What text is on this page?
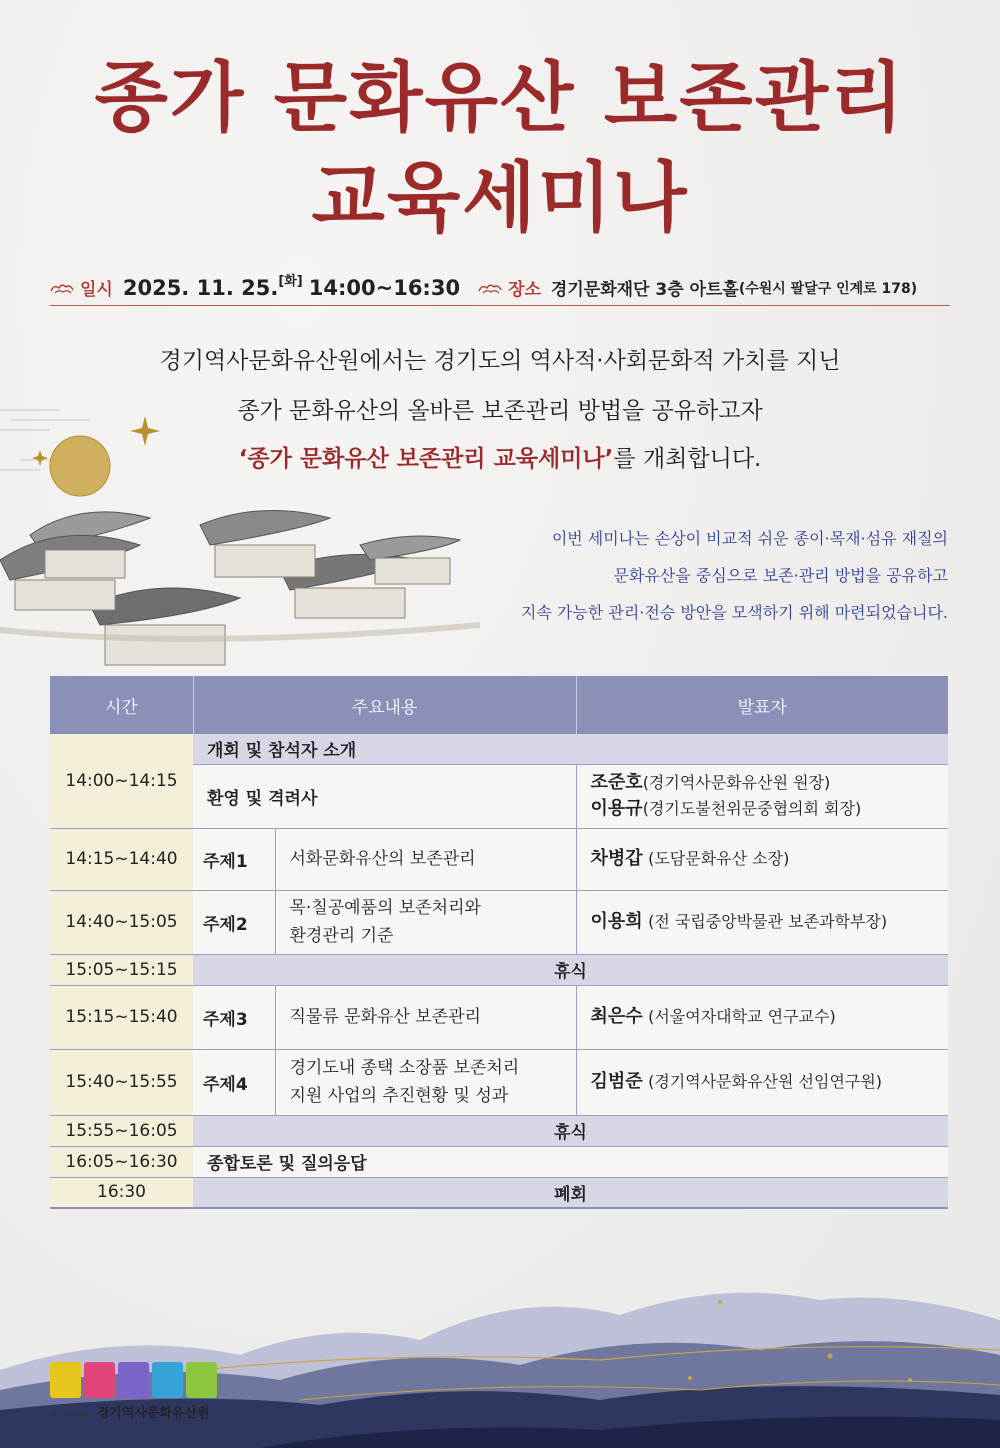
종가 문화유산 보존관리
교육세미나
일시 2025. 11. 25. [화] 14:00~16:30	장소 경기문화재단 3층 아트홀 (수원시 팔달구 인계로 178)
경기역사문화유산원에서는 경기도의 역사적·사회문화적 가치를 지닌
종가 문화유산의 올바른 보존관리 방법을 공유하고자
‘종가 문화유산 보존관리 교육세미나’를 개최합니다.
이번 세미나는 손상이 비교적 쉬운 종이·목재·섬유 재질의
문화유산을 중심으로 보존·관리 방법을 공유하고
지속 가능한 관리·전승 방안을 모색하기 위해 마련되었습니다.
시간	주요내용		발표자
14:00~14:15	개회 및 참석자 소개		
	환영 및 격려사		조준호(경기역사문화유산원 원장)
이용규(경기도불천위문중협의회 회장)

14:15~14:40	주제1	서화문화유산의 보존관리	차병갑 (도담문화유산 소장)
14:40~15:05	주제2	목·칠공예품의 보존처리와
환경관리 기준	이용희 (전 국립중앙박물관 보존과학부장)
15:05~15:15	휴식		
15:15~15:40	주제3	직물류 문화유산 보존관리	최은수 (서울여자대학교 연구교수)
15:40~15:55	주제4	경기도내 종택 소장품 보존처리
지원 사업의 추진현황 및 성과	김범준 (경기역사문화유산원 선임연구원)
15:55~16:05	휴식		
16:05~16:30	종합토론 및 질의응답		
16:30	폐회		
경기문화재단 경기역사문화유산원
